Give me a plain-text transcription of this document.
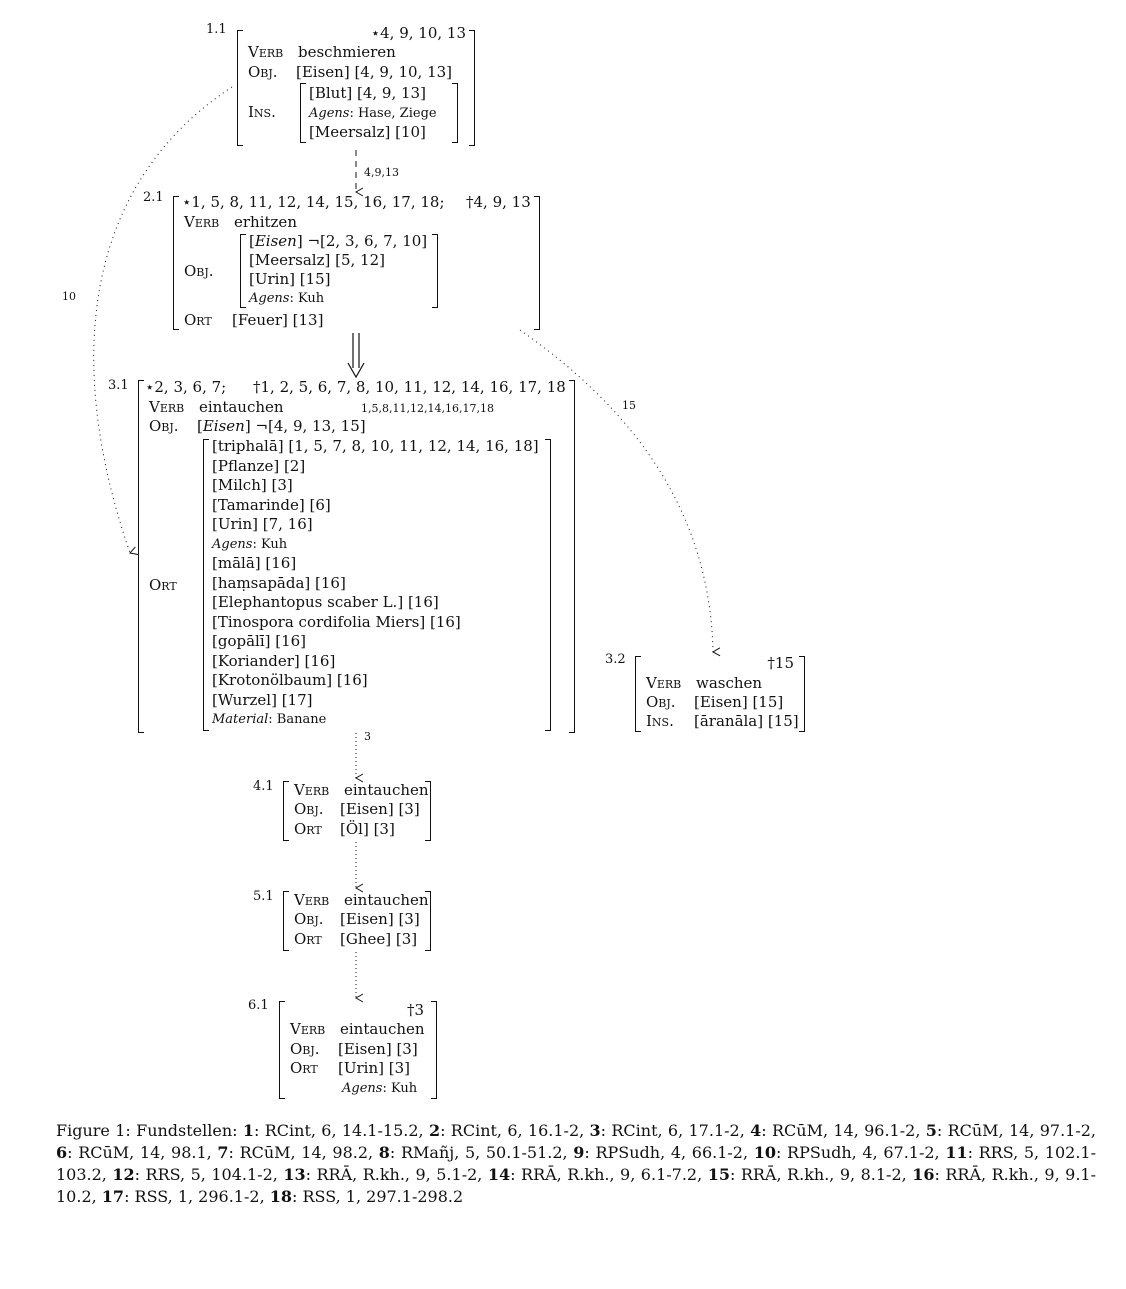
4,9,13
10
15
3
1.1	⋆4, 9, 10, 13
Verb beschmieren
Obj. [Eisen] [4, 9, 10, 13]
Ins.
[Blut] [4, 9, 13]
Agens: Hase, Ziege
[Meersalz] [10]
2.1 ⋆1, 5, 8, 11, 12, 14, 15, 16, 17, 18; †4, 9, 13
Verb erhitzen
Obj.
[Eisen] ¬[2, 3, 6, 7, 10]
[Meersalz] [5, 12]
[Urin] [15]
Agens: Kuh
Ort [Feuer] [13]
3.1 ⋆2, 3, 6, 7; †1, 2, 5, 6, 7, 8, 10, 11, 12, 14, 16, 17, 18
Verb eintauchen	1,5,8,11,12,14,16,17,18
Obj. [Eisen] ¬[4, 9, 13, 15]
Ort
[triphalā] [1, 5, 7, 8, 10, 11, 12, 14, 16, 18]
[Pflanze] [2]
[Milch] [3]
[Tamarinde] [6]
[Urin] [7, 16]
Agens: Kuh
[mālā] [16]
[haṃsapāda] [16]
[Elephantopus scaber L.] [16]
[Tinospora cordifolia Miers] [16]
[gopālī] [16]
[Koriander] [16]
[Krotonölbaum] [16]
[Wurzel] [17]
Material: Banane
3.2	†15
Verb waschen
Obj. [Eisen] [15]
Ins. [āranāla] [15]
4.1 Verb eintauchen
Obj. [Eisen] [3]
Ort [Öl] [3]
5.1 Verb eintauchen
Obj. [Eisen] [3]
Ort [Ghee] [3]
6.1	†3
Verb eintauchen
Obj. [Eisen] [3]
Ort [Urin] [3]
Agens: Kuh
Figure 1: Fundstellen: 1: RCint, 6, 14.1-15.2, 2: RCint, 6, 16.1-2, 3: RCint, 6, 17.1-2, 4: RCūM, 14, 96.1-2, 5: RCūM, 14, 97.1-2, 6: RCūM, 14, 98.1, 7: RCūM, 14, 98.2, 8: RMañj, 5, 50.1-51.2, 9: RPSudh, 4, 66.1-2, 10: RPSudh, 4, 67.1-2, 11: RRS, 5, 102.1-103.2, 12: RRS, 5, 104.1-2, 13: RRĀ, R.kh., 9, 5.1-2, 14: RRĀ, R.kh., 9, 6.1-7.2, 15: RRĀ, R.kh., 9, 8.1-2, 16: RRĀ, R.kh., 9, 9.1-10.2, 17: RSS, 1, 296.1-2, 18: RSS, 1, 297.1-298.2
